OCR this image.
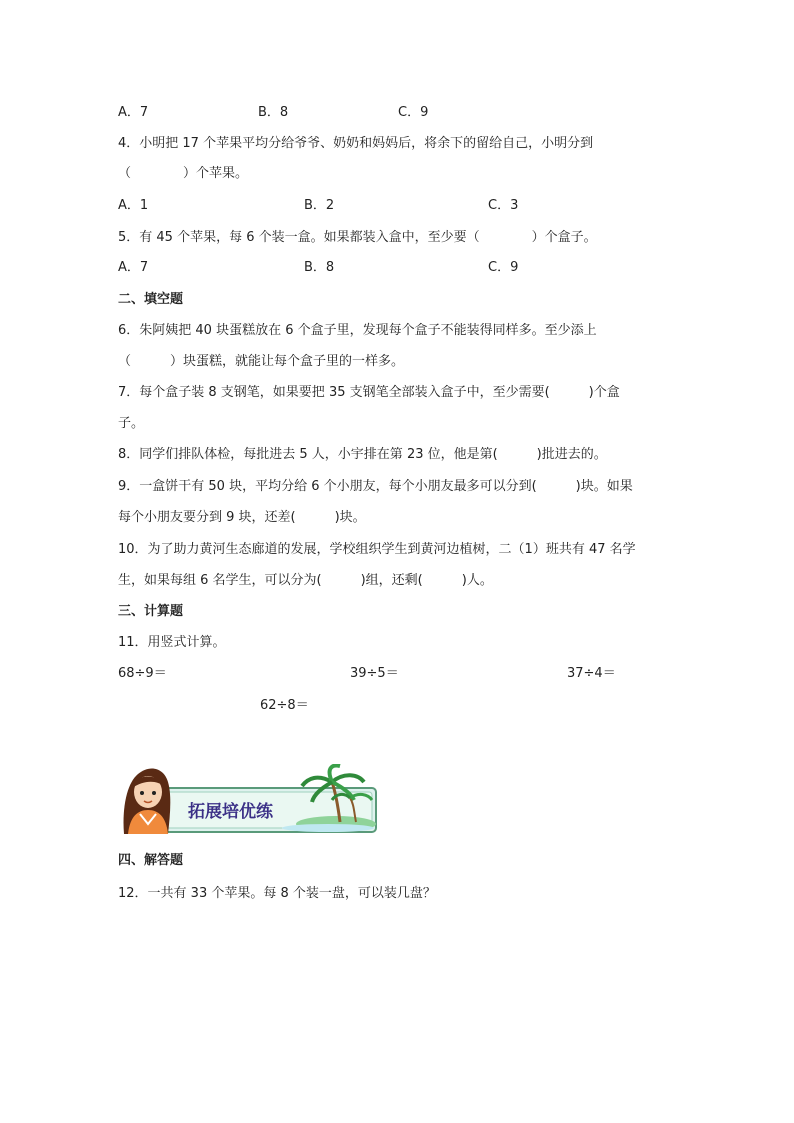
A．7	B．8	C．9
4．小明把 17 个苹果平均分给爷爷、奶奶和妈妈后，将余下的留给自己，小明分到
（　　　　）个苹果。
A．1	B．2	C．3
5．有 45 个苹果，每 6 个装一盒。如果都装入盒中，至少要（　　　　）个盒子。
A．7	B．8	C．9
二、填空题
6．朱阿姨把 40 块蛋糕放在 6 个盒子里，发现每个盒子不能装得同样多。至少添上
（　　　）块蛋糕，就能让每个盒子里的一样多。
7．每个盒子装 8 支钢笔，如果要把 35 支钢笔全部装入盒子中，至少需要(　　　)个盒
子。
8．同学们排队体检，每批进去 5 人，小宇排在第 23 位，他是第(　　　)批进去的。
9．一盒饼干有 50 块，平均分给 6 个小朋友，每个小朋友最多可以分到(　　　)块。如果
每个小朋友要分到 9 块，还差(　　　)块。
10．为了助力黄河生态廊道的发展，学校组织学生到黄河边植树，二（1）班共有 47 名学
生，如果每组 6 名学生，可以分为(　　　)组，还剩(　　　)人。
三、计算题
11．用竖式计算。
68÷9＝	39÷5＝	37÷4＝
62÷8＝
拓展培优练
四、解答题
12．一共有 33 个苹果。每 8 个装一盘，可以装几盘？
